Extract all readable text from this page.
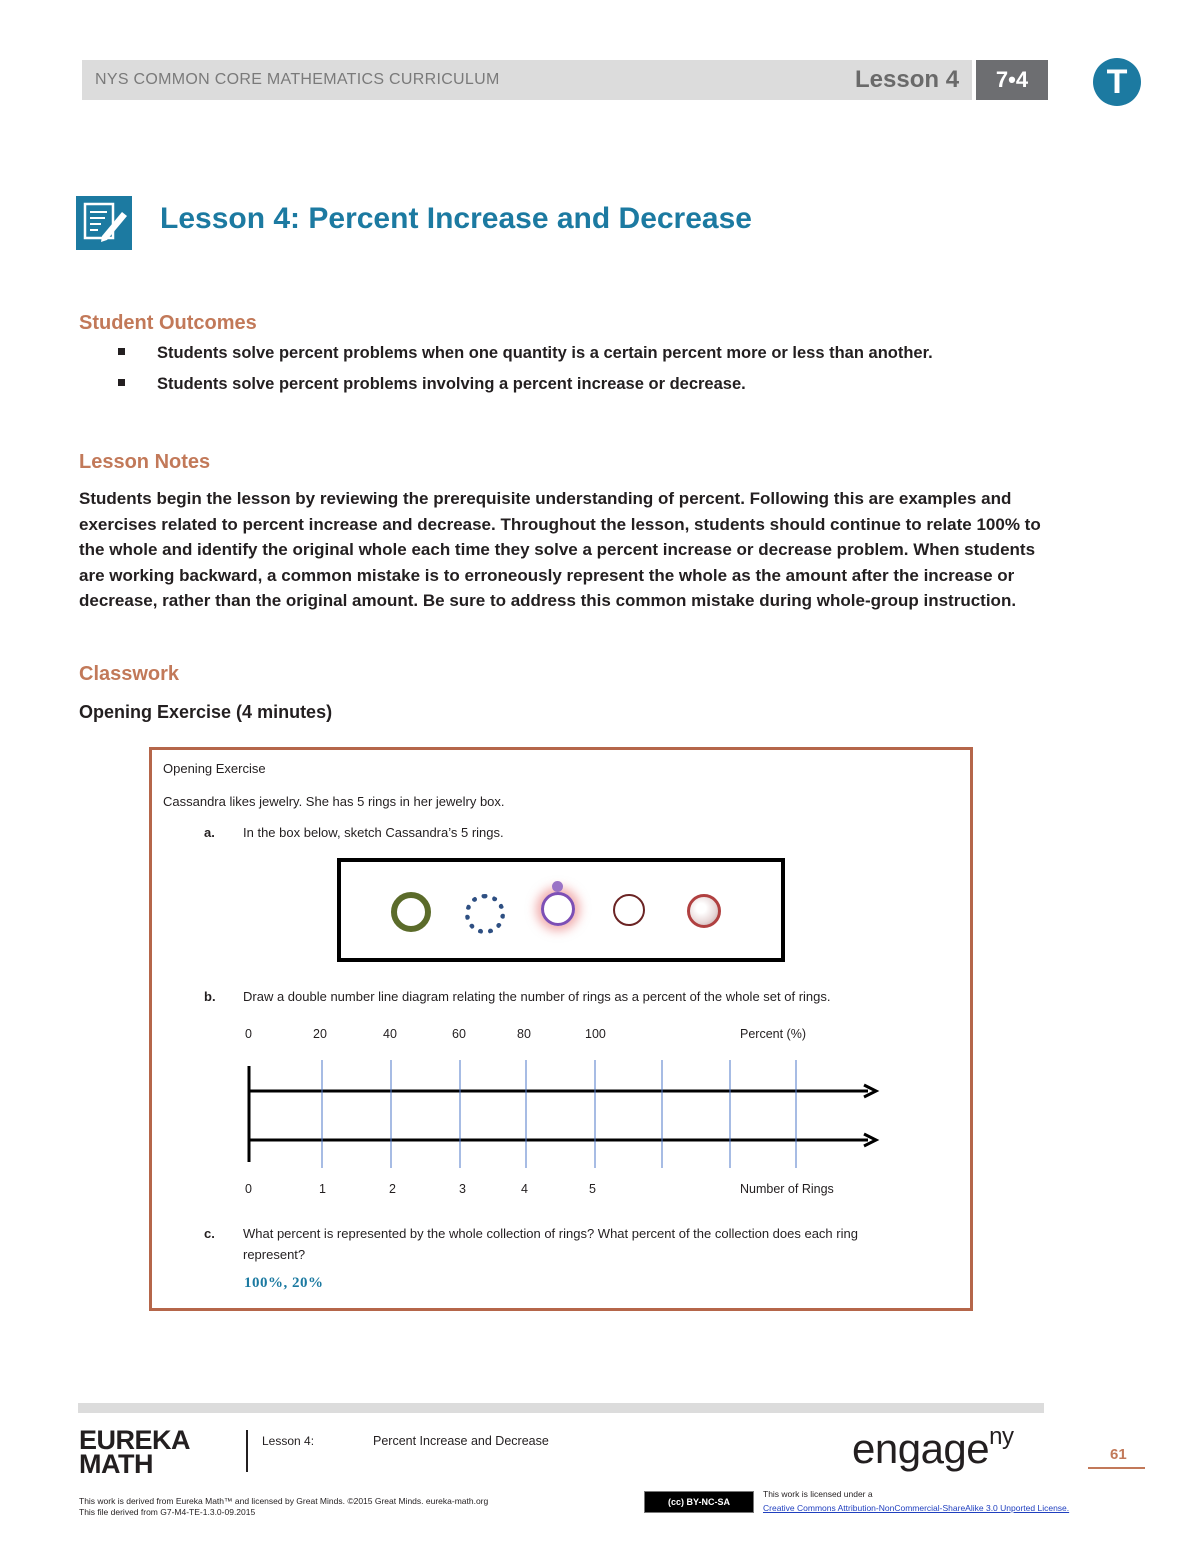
NYS COMMON CORE MATHEMATICS CURRICULUM	Lesson 4	7•4	T
Lesson 4: Percent Increase and Decrease
Student Outcomes
Students solve percent problems when one quantity is a certain percent more or less than another.
Students solve percent problems involving a percent increase or decrease.
Lesson Notes
Students begin the lesson by reviewing the prerequisite understanding of percent. Following this are examples and exercises related to percent increase and decrease. Throughout the lesson, students should continue to relate 100% to the whole and identify the original whole each time they solve a percent increase or decrease problem. When students are working backward, a common mistake is to erroneously represent the whole as the amount after the increase or decrease, rather than the original amount. Be sure to address this common mistake during whole-group instruction.
Classwork
Opening Exercise (4 minutes)
Opening Exercise
Cassandra likes jewelry. She has 5 rings in her jewelry box.
a. In the box below, sketch Cassandra’s 5 rings.
b. Draw a double number line diagram relating the number of rings as a percent of the whole set of rings.
0	20	40	60	80	100	Percent (%)
0	1	2	3	4	5	Number of Rings
c. What percent is represented by the whole collection of rings? What percent of the collection does each ring
represent?
100%, 20%
EUREKA
MATH
Lesson 4:	Percent Increase and Decrease	engage$^{ny}$
61
This work is derived from Eureka Math™ and licensed by Great Minds. ©2015 Great Minds. eureka-math.org
This file derived from G7-M4-TE-1.3.0-09.2015
(cc) BY-NC-SA
This work is licensed under a
Creative Commons Attribution-NonCommercial-ShareAlike 3.0 Unported License.
